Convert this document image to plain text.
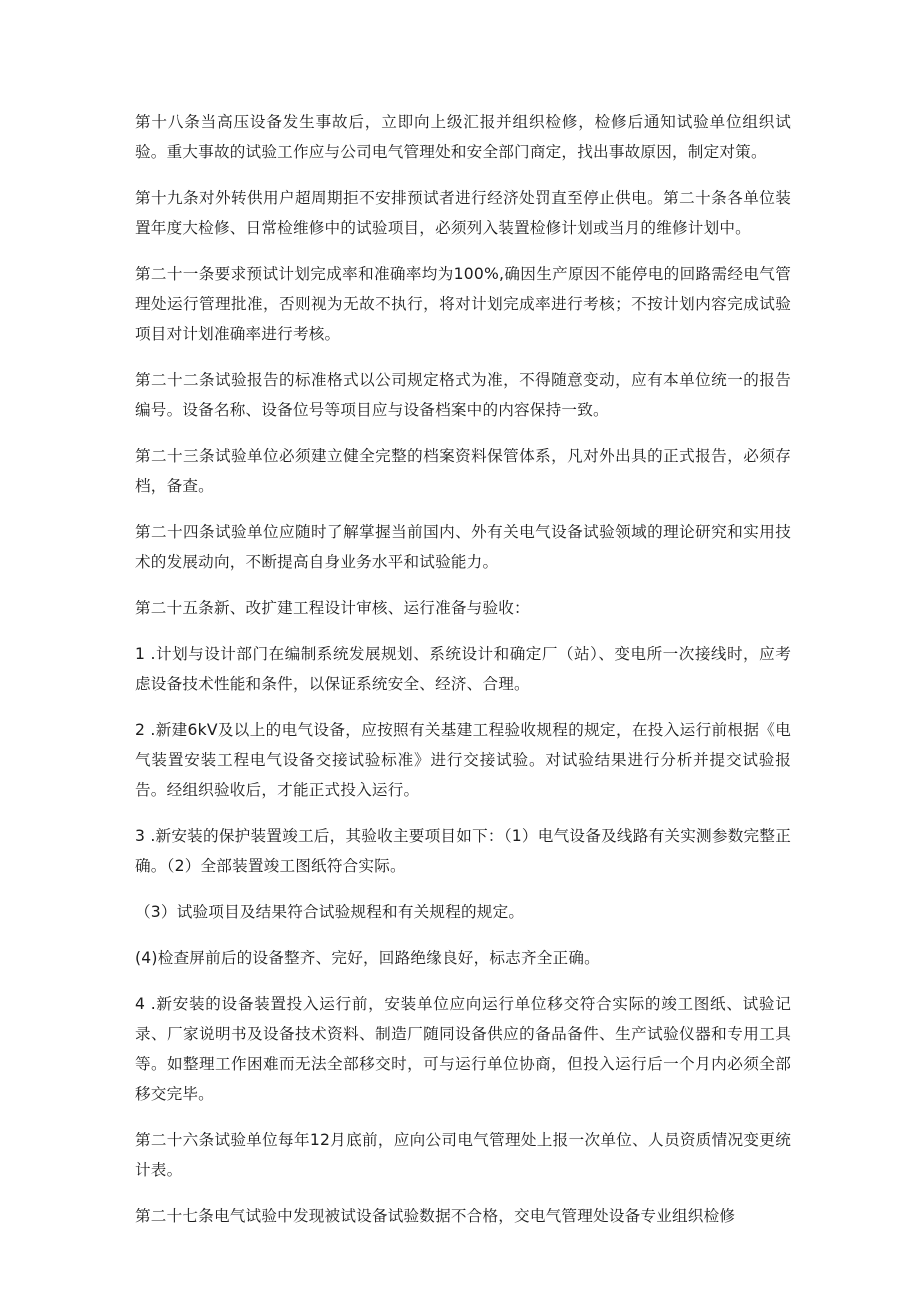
第十八条当高压设备发生事故后，立即向上级汇报并组织检修，检修后通知试验单位组织试验。重大事故的试验工作应与公司电气管理处和安全部门商定，找出事故原因，制定对策。

第十九条对外转供用户超周期拒不安排预试者进行经济处罚直至停止供电。第二十条各单位装置年度大检修、日常检维修中的试验项目，必须列入装置检修计划或当月的维修计划中。

第二十一条要求预试计划完成率和准确率均为100%,确因生产原因不能停电的回路需经电气管理处运行管理批准，否则视为无故不执行，将对计划完成率进行考核；不按计划内容完成试验项目对计划准确率进行考核。

第二十二条试验报告的标准格式以公司规定格式为准，不得随意变动，应有本单位统一的报告编号。设备名称、设备位号等项目应与设备档案中的内容保持一致。

第二十三条试验单位必须建立健全完整的档案资料保管体系，凡对外出具的正式报告，必须存档，备查。

第二十四条试验单位应随时了解掌握当前国内、外有关电气设备试验领域的理论研究和实用技术的发展动向，不断提高自身业务水平和试验能力。

第二十五条新、改扩建工程设计审核、运行准备与验收：

1 .计划与设计部门在编制系统发展规划、系统设计和确定厂（站）、变电所一次接线时，应考虑设备技术性能和条件，以保证系统安全、经济、合理。

2 .新建6kV及以上的电气设备，应按照有关基建工程验收规程的规定，在投入运行前根据《电气装置安装工程电气设备交接试验标准》进行交接试验。对试验结果进行分析并提交试验报告。经组织验收后，才能正式投入运行。

3 .新安装的保护装置竣工后，其验收主要项目如下：（1）电气设备及线路有关实测参数完整正确。（2）全部装置竣工图纸符合实际。

（3）试验项目及结果符合试验规程和有关规程的规定。

(4)检查屏前后的设备整齐、完好，回路绝缘良好，标志齐全正确。

4 .新安装的设备装置投入运行前，安装单位应向运行单位移交符合实际的竣工图纸、试验记录、厂家说明书及设备技术资料、制造厂随同设备供应的备品备件、生产试验仪器和专用工具等。如整理工作困难而无法全部移交时，可与运行单位协商，但投入运行后一个月内必须全部移交完毕。

第二十六条试验单位每年12月底前，应向公司电气管理处上报一次单位、人员资质情况变更统计表。

第二十七条电气试验中发现被试设备试验数据不合格，交电气管理处设备专业组织检修
